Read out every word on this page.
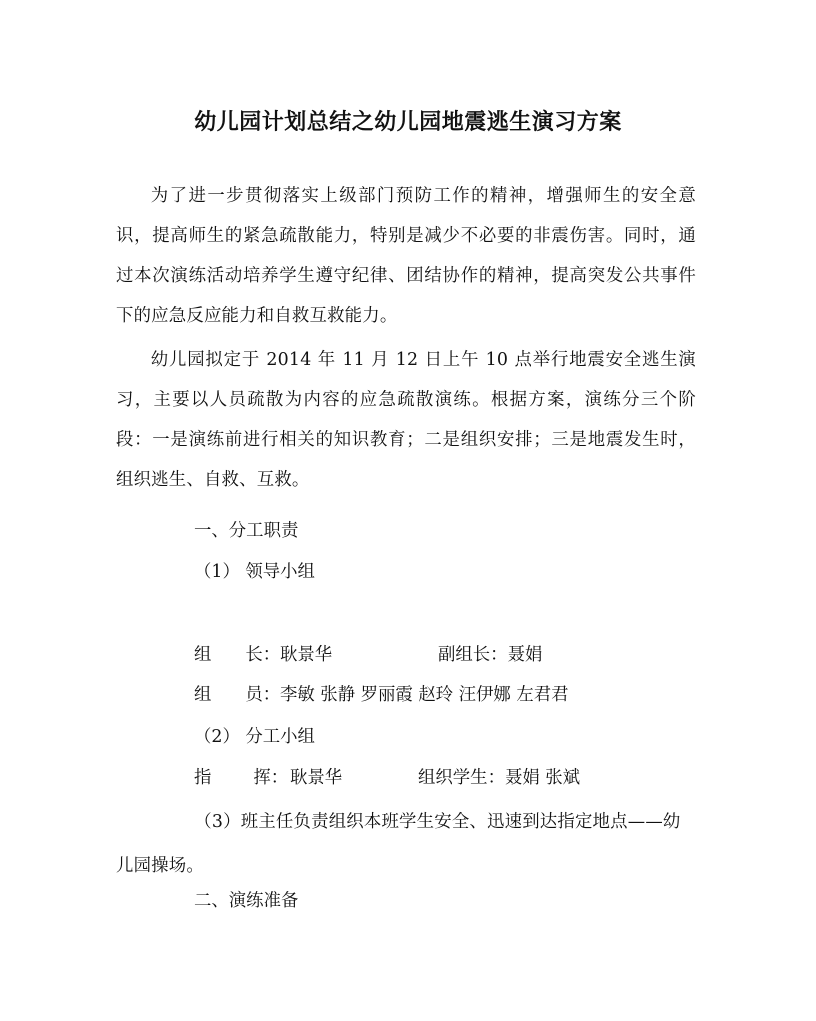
幼儿园计划总结之幼儿园地震逃生演习方案
为了进一步贯彻落实上级部门预防工作的精神，增强师生的安全意识，提高师生的紧急疏散能力，特别是减少不必要的非震伤害。同时，通过本次演练活动培养学生遵守纪律、团结协作的精神，提高突发公共事件下的应急反应能力和自救互救能力。
幼儿园拟定于 2014 年 11 月 12 日上午 10 点举行地震安全逃生演习，主要以人员疏散为内容的应急疏散演练。根据方案，演练分三个阶段：一是演练前进行相关的知识教育；二是组织安排；三是地震发生时，组织逃生、自救、互救。
一、分工职责
（1） 领导小组
组 长： 耿景华	副组长：聂娟
组 员： 李敏 张静 罗丽霞 赵玲 汪伊娜 左君君
（2） 分工小组
指 挥： 耿景华	组织学生：聂娟 张斌
（3）班主任负责组织本班学生安全、迅速到达指定地点——幼儿园操场。
二、演练准备
